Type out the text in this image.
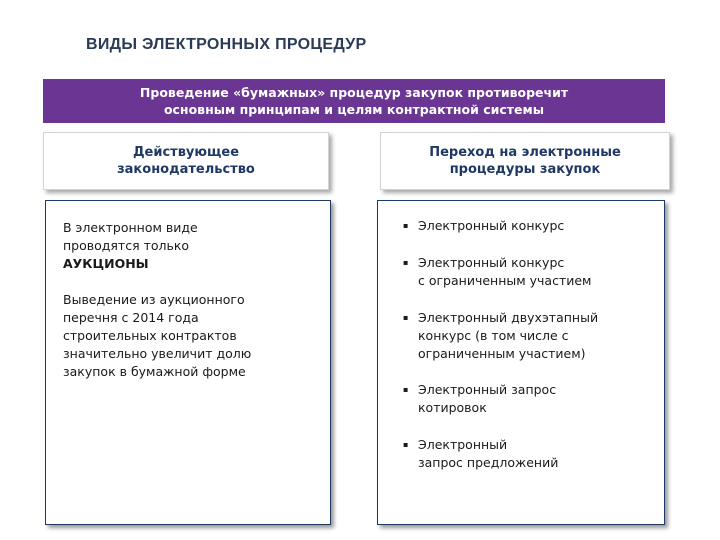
ВИДЫ ЭЛЕКТРОННЫХ ПРОЦЕДУР
Проведение «бумажных» процедур закупок противоречит
основным принципам и целям контрактной системы
Действующее
законодательство
Переход на электронные
процедуры закупок
В электронном виде
проводятся только
АУКЦИОНЫ
Выведение из аукционного
перечня с 2014 года
строительных контрактов
значительно увеличит долю
закупок в бумажной форме
▪ Электронный конкурс
▪ Электронный конкурс
с ограниченным участием
▪ Электронный двухэтапный
конкурс (в том числе с
ограниченным участием)
▪ Электронный запрос
котировок
▪ Электронный
запрос предложений
